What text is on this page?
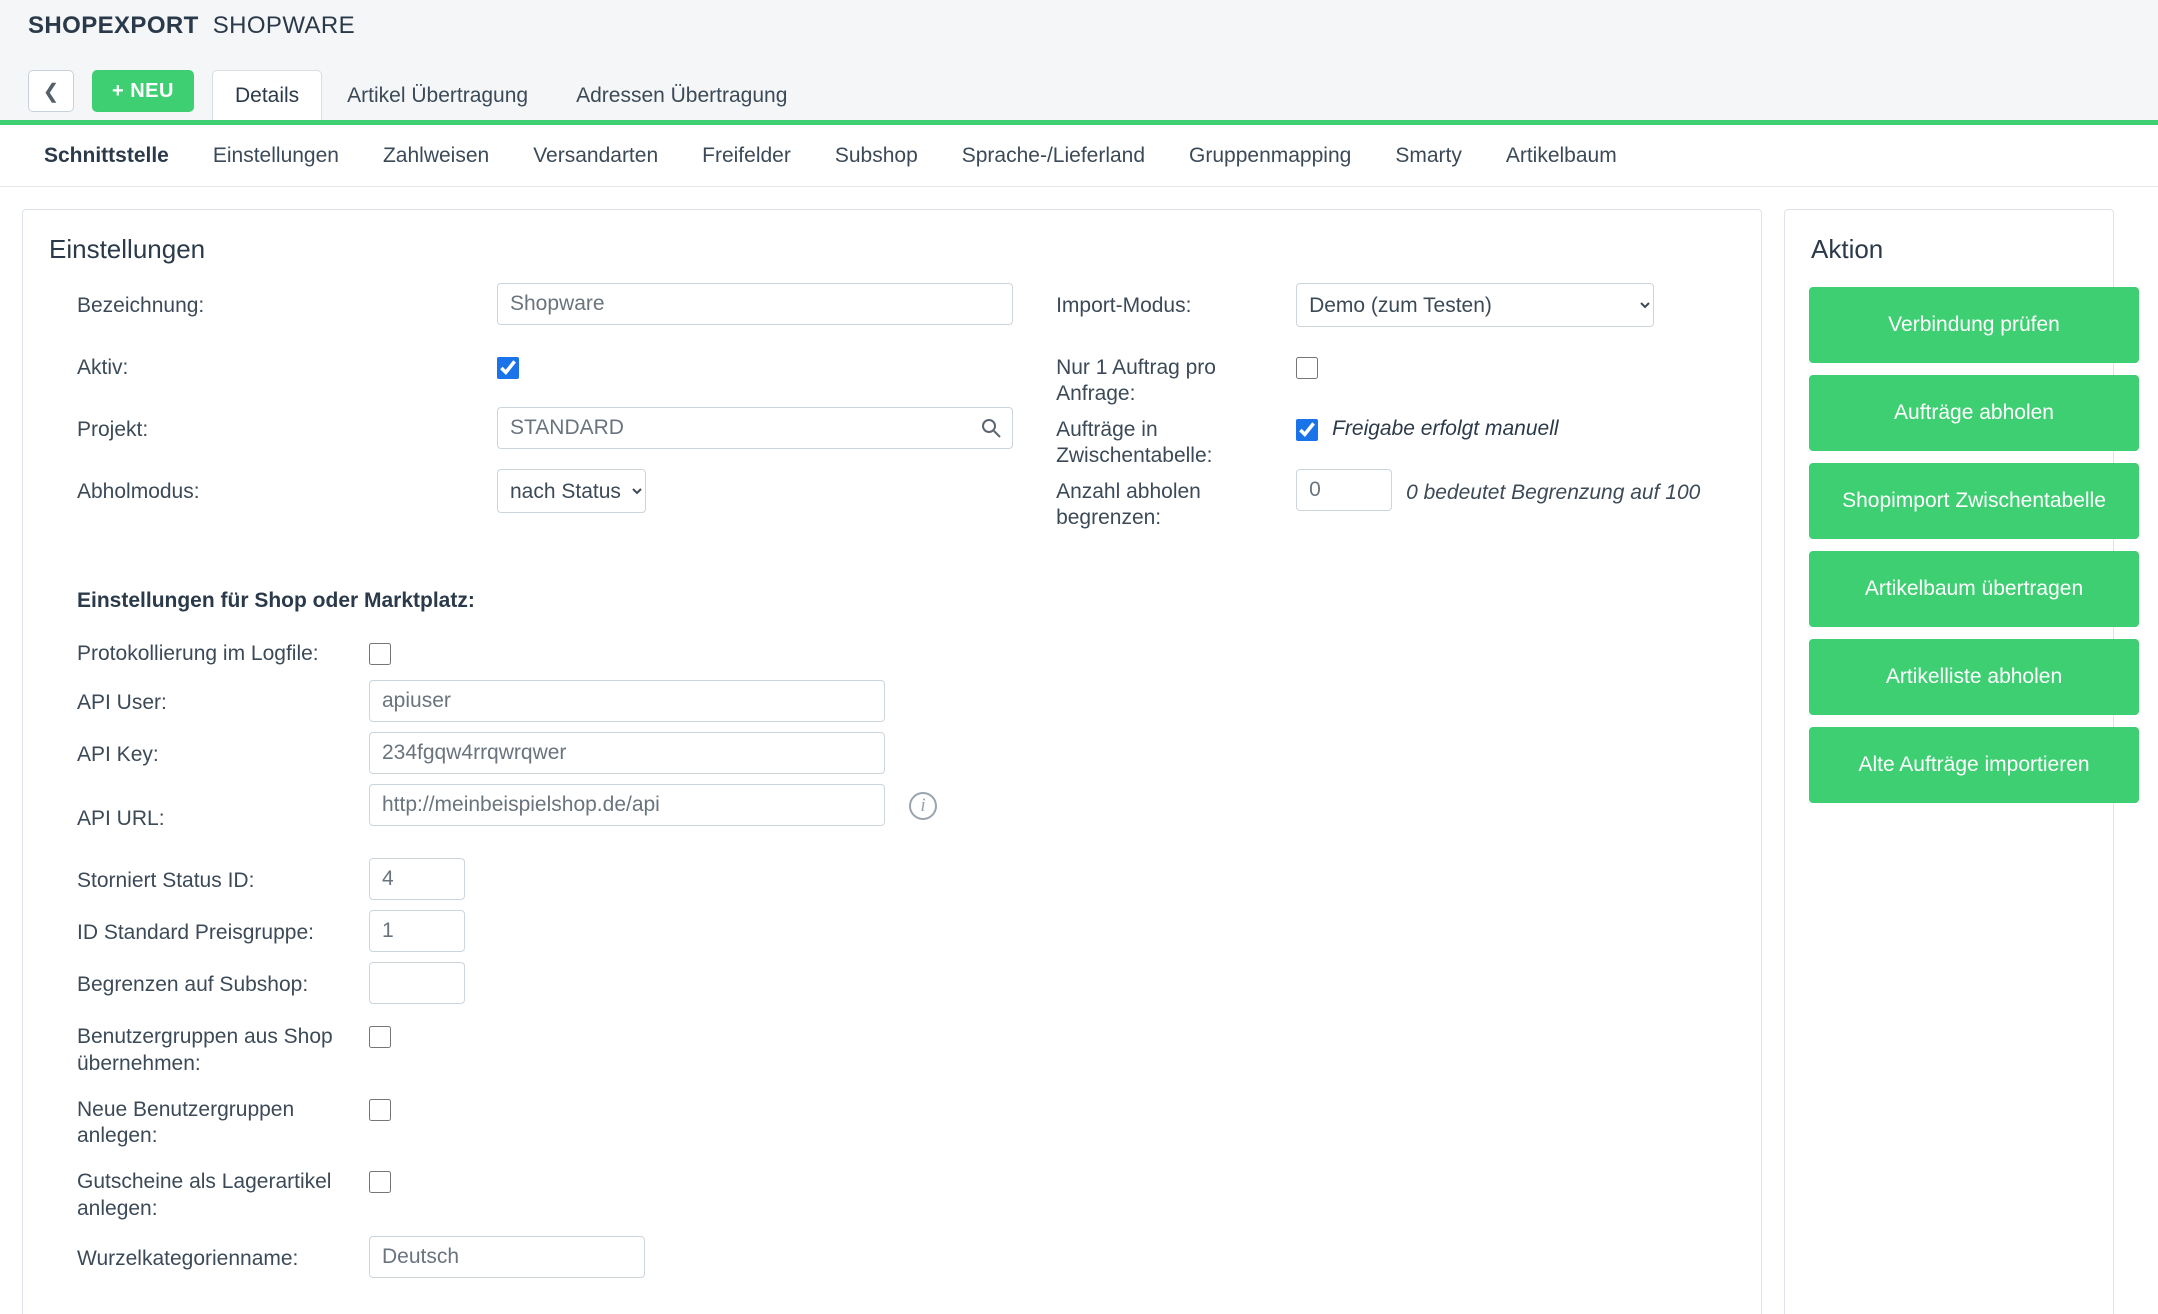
SHOPEXPORT SHOPWARE
❮	+ NEU	Details	Artikel Übertragung	Adressen Übertragung
Schnittstelle	Einstellungen	Zahlweisen	Versandarten	Freifelder	Subshop	Sprache-/Lieferland	Gruppenmapping	Smarty	Artikelbaum
Einstellungen
Bezeichnung:
Shopware
Aktiv:
Projekt:
STANDARD
Abholmodus:
nach Status
Import-Modus:
Demo (zum Testen)
Nur 1 Auftrag pro Anfrage:
Aufträge in Zwischentabelle:
Freigabe erfolgt manuell
Anzahl abholen begrenzen:
0
0 bedeutet Begrenzung auf 100
Einstellungen für Shop oder Marktplatz:
Protokollierung im Logfile:
API User:
apiuser
API Key:
234fgqw4rrqwrqwer
API URL:
http://meinbeispielshop.de/api
i
Storniert Status ID:
4
ID Standard Preisgruppe:
1
Begrenzen auf Subshop:
Benutzergruppen aus Shop übernehmen:
Neue Benutzergruppen anlegen:
Gutscheine als Lagerartikel anlegen:
Wurzelkategorienname:
Deutsch
Aktion
Verbindung prüfen
Aufträge abholen
Shopimport Zwischentabelle
Artikelbaum übertragen
Artikelliste abholen
Alte Aufträge importieren
